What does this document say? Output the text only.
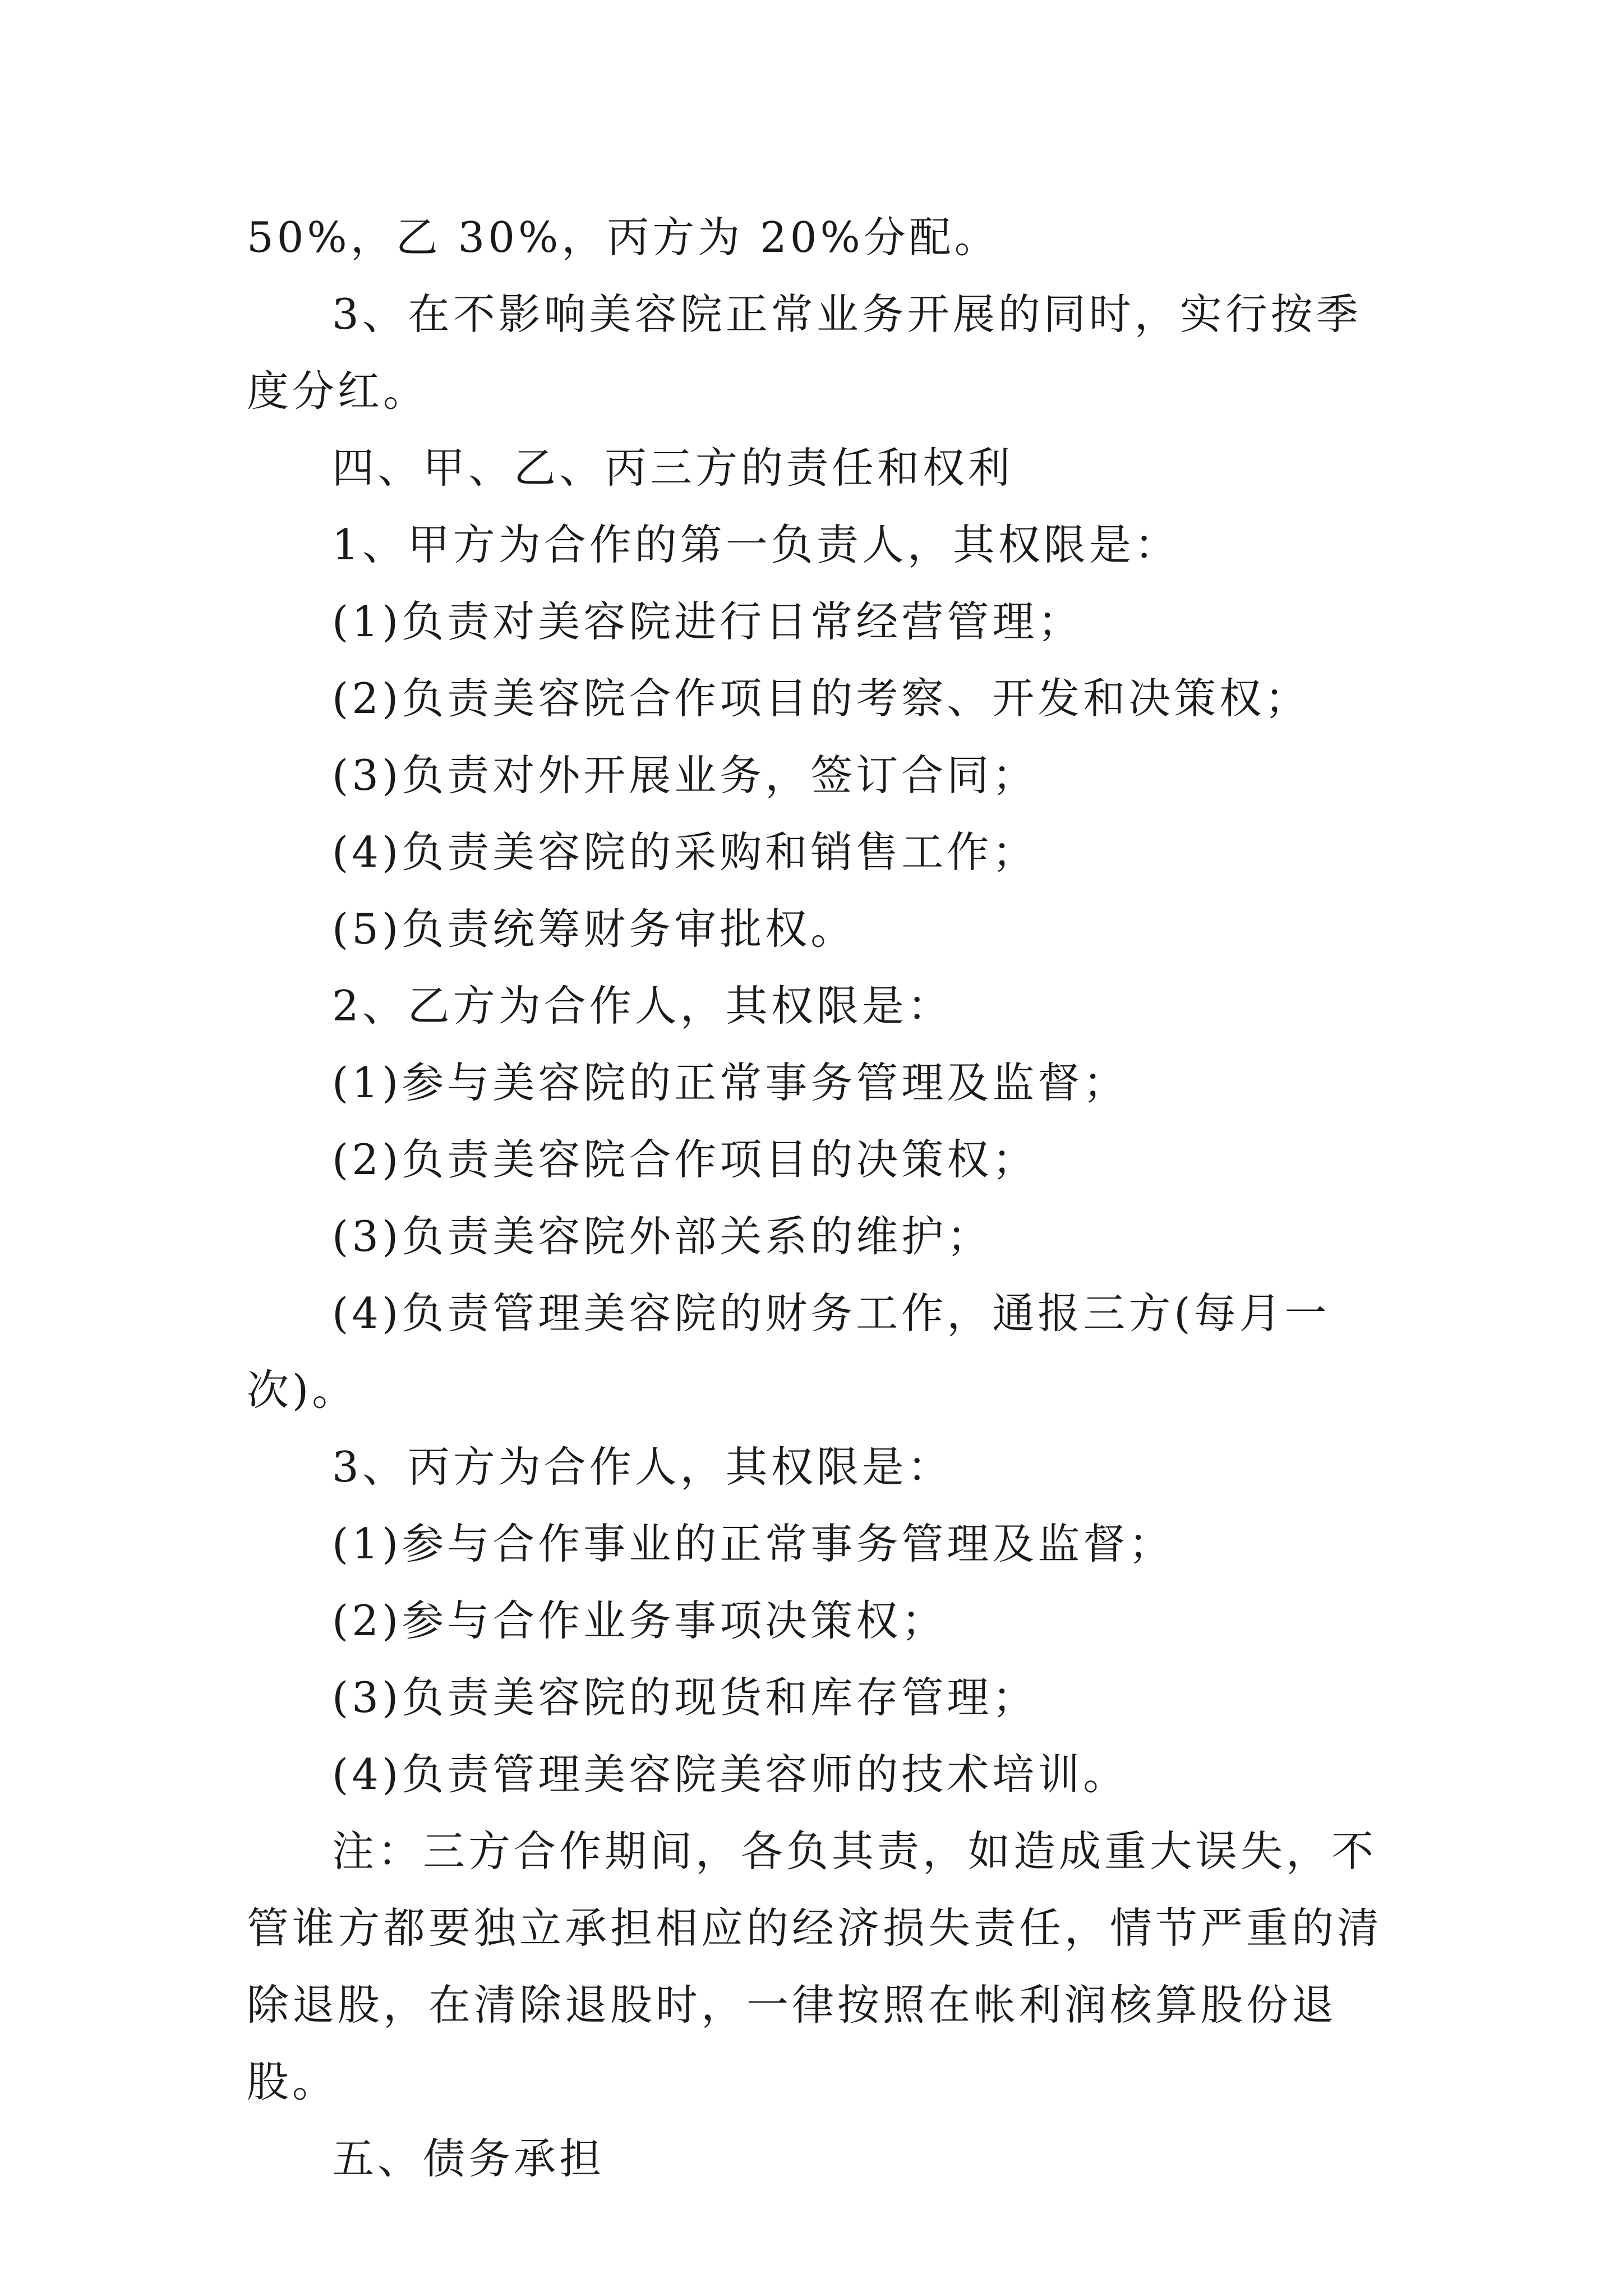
50%，乙 30%，丙方为 20%分配。

3、在不影响美容院正常业务开展的同时，实行按季度分红。

四、甲、乙、丙三方的责任和权利

1、甲方为合作的第一负责人，其权限是：

(1)负责对美容院进行日常经营管理；

(2)负责美容院合作项目的考察、开发和决策权；

(3)负责对外开展业务，签订合同；

(4)负责美容院的采购和销售工作；

(5)负责统筹财务审批权。

2、乙方为合作人，其权限是：

(1)参与美容院的正常事务管理及监督；

(2)负责美容院合作项目的决策权；

(3)负责美容院外部关系的维护；

(4)负责管理美容院的财务工作，通报三方(每月一次)。

3、丙方为合作人，其权限是：

(1)参与合作事业的正常事务管理及监督；

(2)参与合作业务事项决策权；

(3)负责美容院的现货和库存管理；

(4)负责管理美容院美容师的技术培训。

注：三方合作期间，各负其责，如造成重大误失，不管谁方都要独立承担相应的经济损失责任，情节严重的清除退股，在清除退股时，一律按照在帐利润核算股份退股。

五、债务承担
